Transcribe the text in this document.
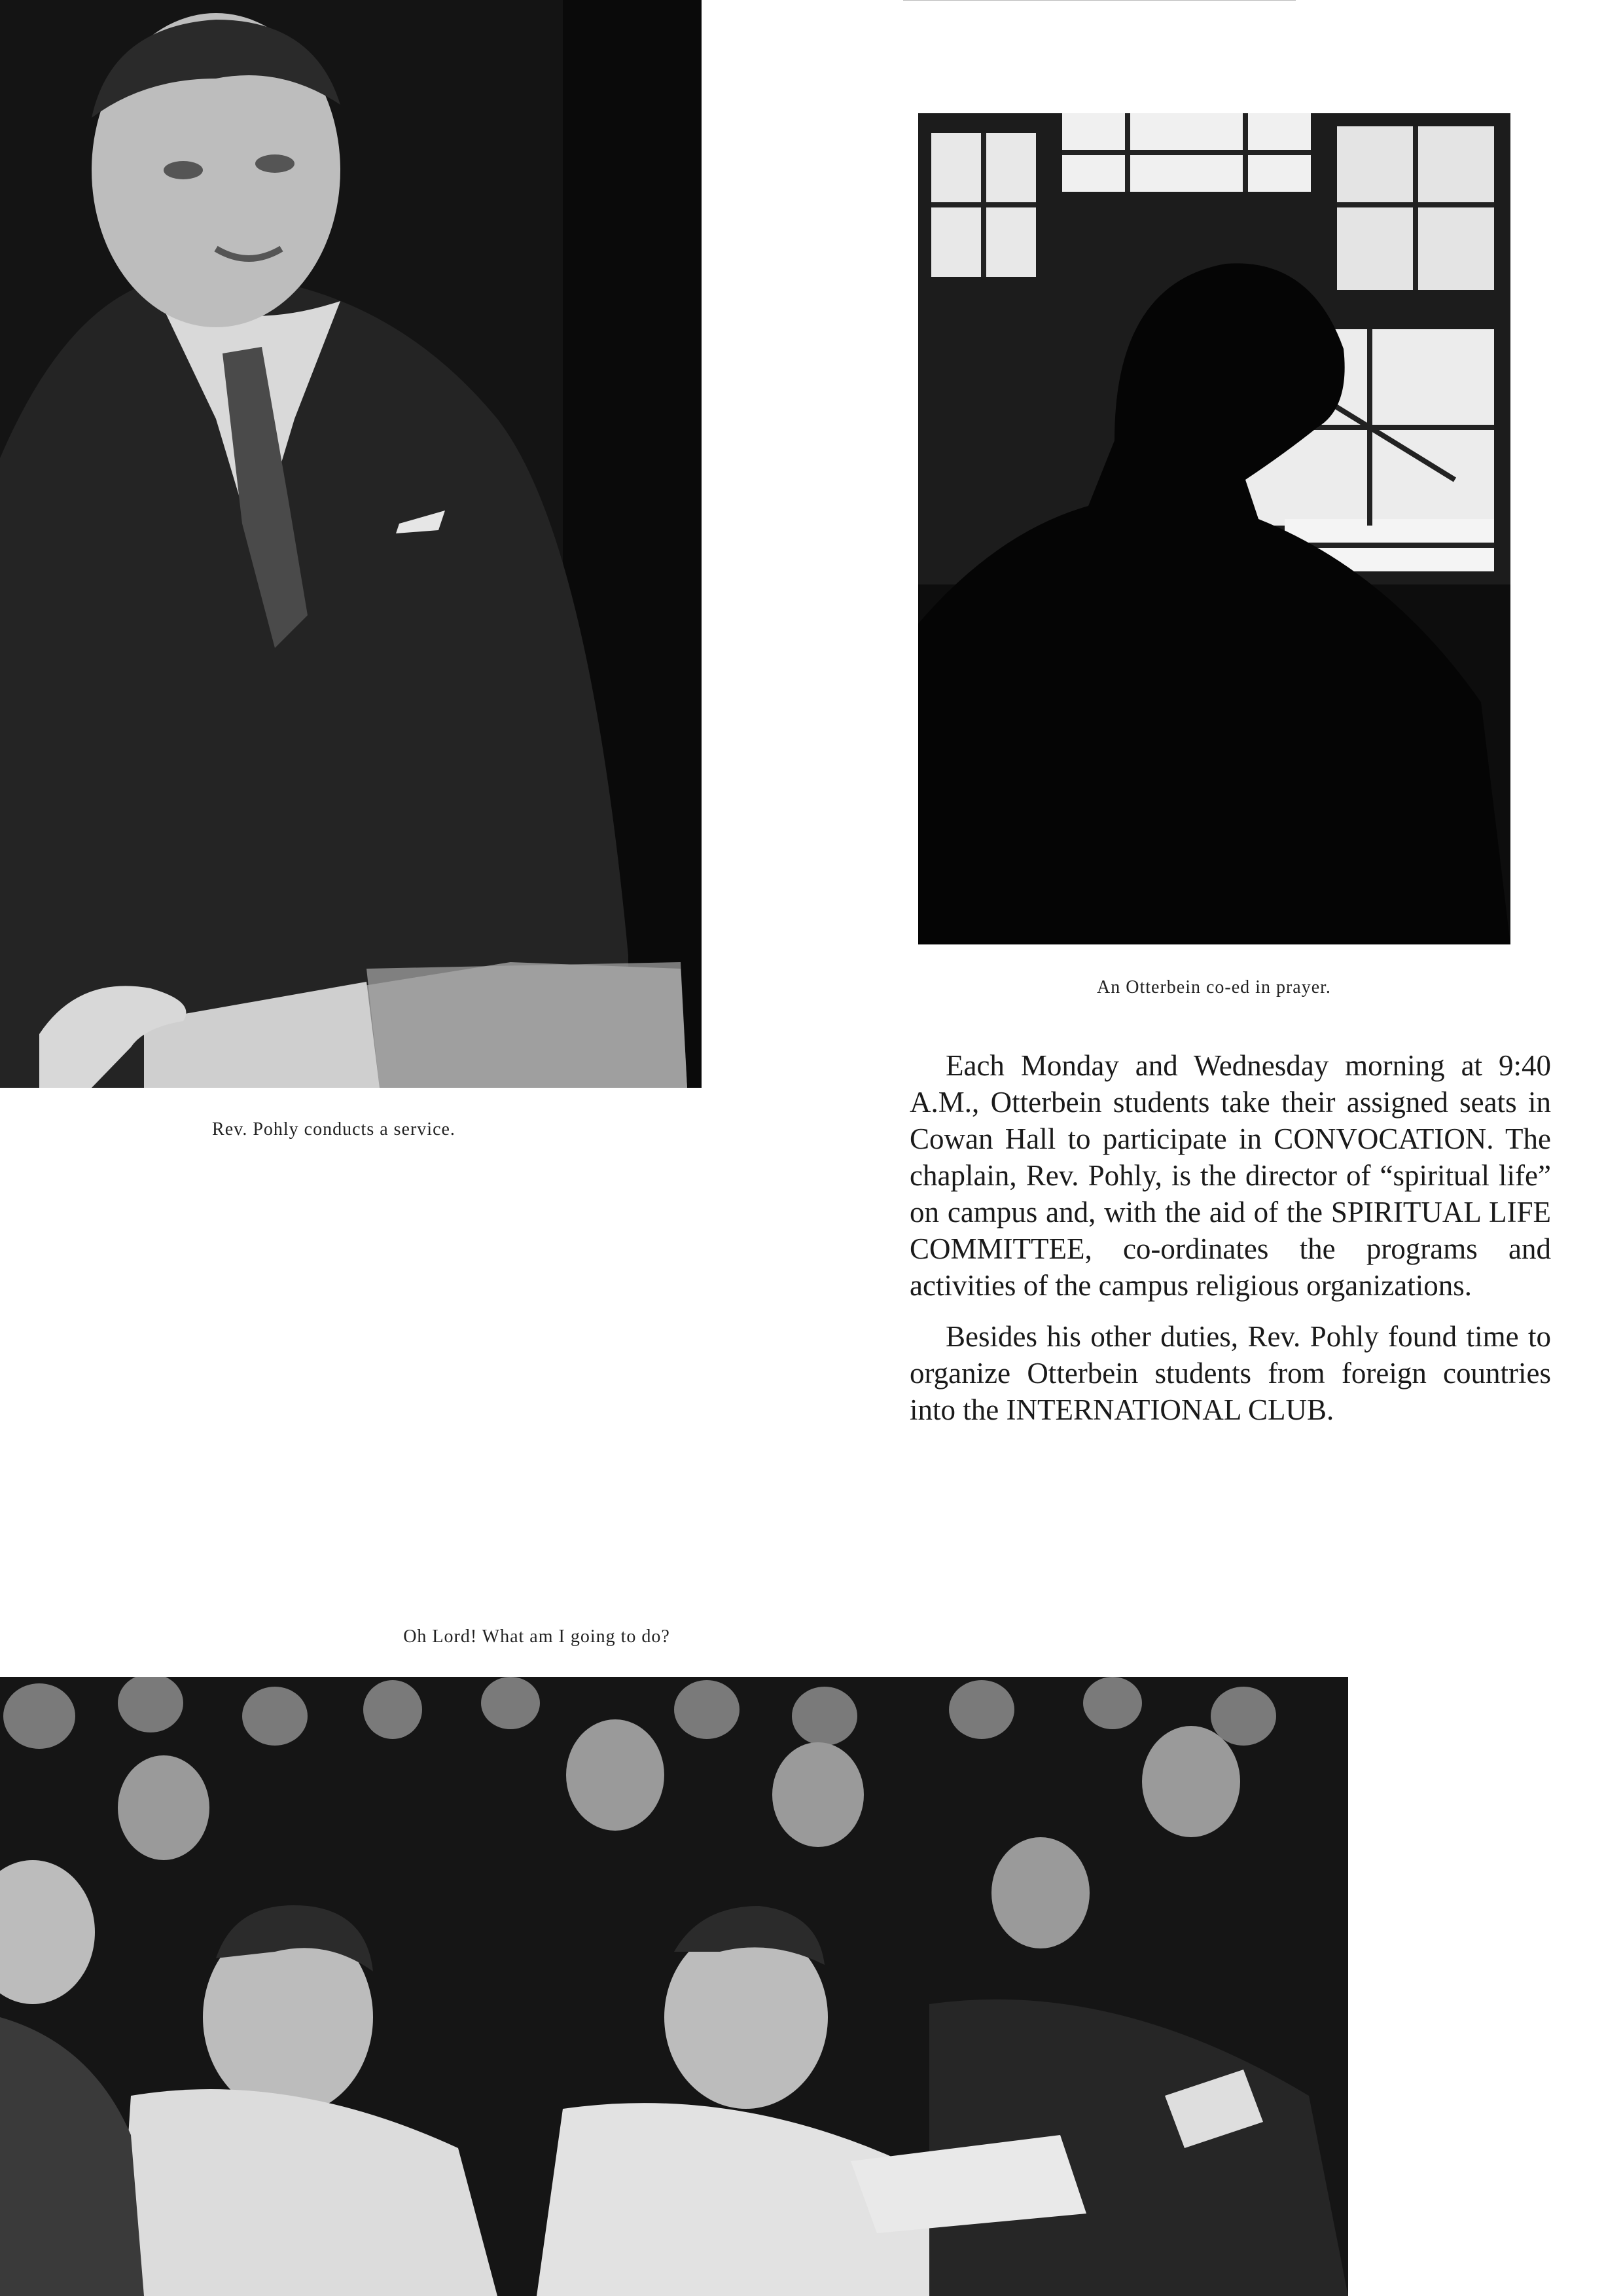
Rev. Pohly conducts a service.
An Otterbein co-ed in prayer.

Each Monday and Wednesday morning at 9:40 A.M., Otterbein students take their assigned seats in Cowan Hall to participate in CONVOCATION. The chaplain, Rev. Pohly, is the director of “spiritual life” on campus and, with the aid of the SPIRITUAL LIFE COMMITTEE, co-ordinates the programs and activities of the campus religious organizations.

Besides his other duties, Rev. Pohly found time to organize Otterbein students from foreign countries into the INTERNATIONAL CLUB.

Oh Lord! What am I going to do?
